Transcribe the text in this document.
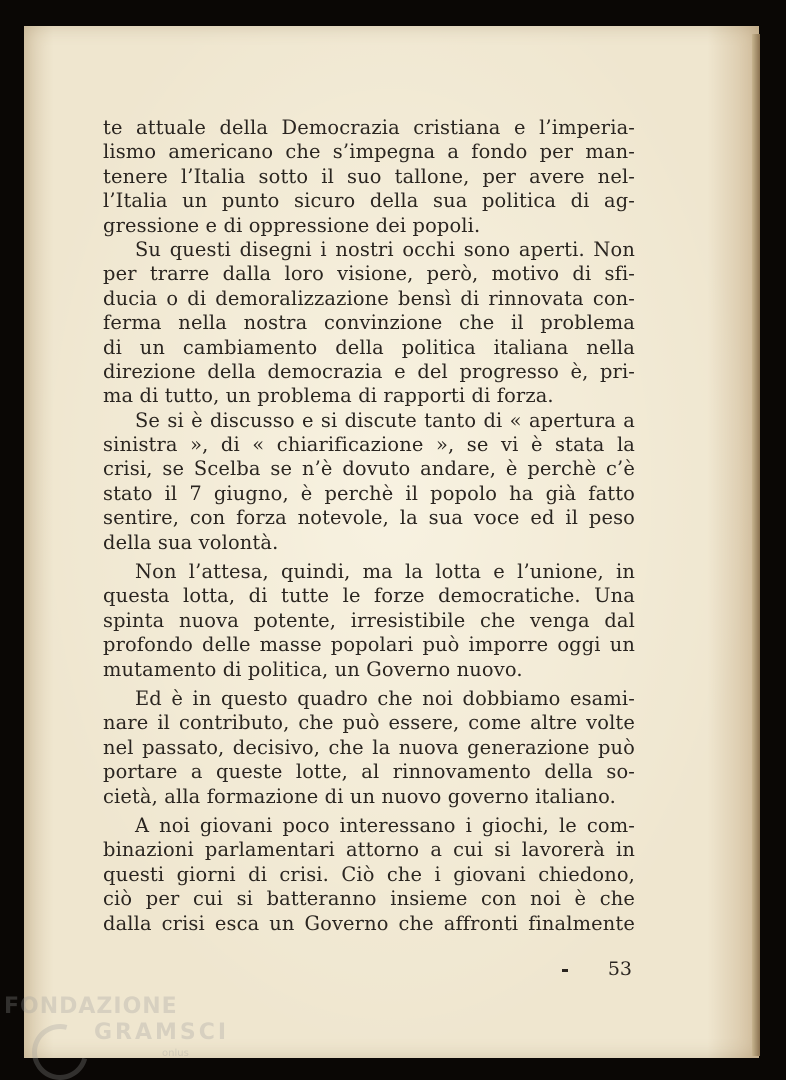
te attuale della Democrazia cristiana e l’imperia-
lismo americano che s’impegna a fondo per man-
tenere l’Italia sotto il suo tallone, per avere nel-
l’Italia un punto sicuro della sua politica di ag-
gressione e di oppressione dei popoli.
Su questi disegni i nostri occhi sono aperti. Non
per trarre dalla loro visione, però, motivo di sfi-
ducia o di demoralizzazione bensì di rinnovata con-
ferma nella nostra convinzione che il problema
di un cambiamento della politica italiana nella
direzione della democrazia e del progresso è, pri-
ma di tutto, un problema di rapporti di forza.
Se si è discusso e si discute tanto di « apertura a
sinistra », di « chiarificazione », se vi è stata la
crisi, se Scelba se n’è dovuto andare, è perchè c’è
stato il 7 giugno, è perchè il popolo ha già fatto
sentire, con forza notevole, la sua voce ed il peso
della sua volontà.
Non l’attesa, quindi, ma la lotta e l’unione, in
questa lotta, di tutte le forze democratiche. Una
spinta nuova potente, irresistibile che venga dal
profondo delle masse popolari può imporre oggi un
mutamento di politica, un Governo nuovo.
Ed è in questo quadro che noi dobbiamo esami-
nare il contributo, che può essere, come altre volte
nel passato, decisivo, che la nuova generazione può
portare a queste lotte, al rinnovamento della so-
cietà, alla formazione di un nuovo governo italiano.
A noi giovani poco interessano i giochi, le com-
binazioni parlamentari attorno a cui si lavorerà in
questi giorni di crisi. Ciò che i giovani chiedono,
ciò per cui si batteranno insieme con noi è che
dalla crisi esca un Governo che affronti finalmente
53
FONDAZIONE
GRAMSCI
onlus
